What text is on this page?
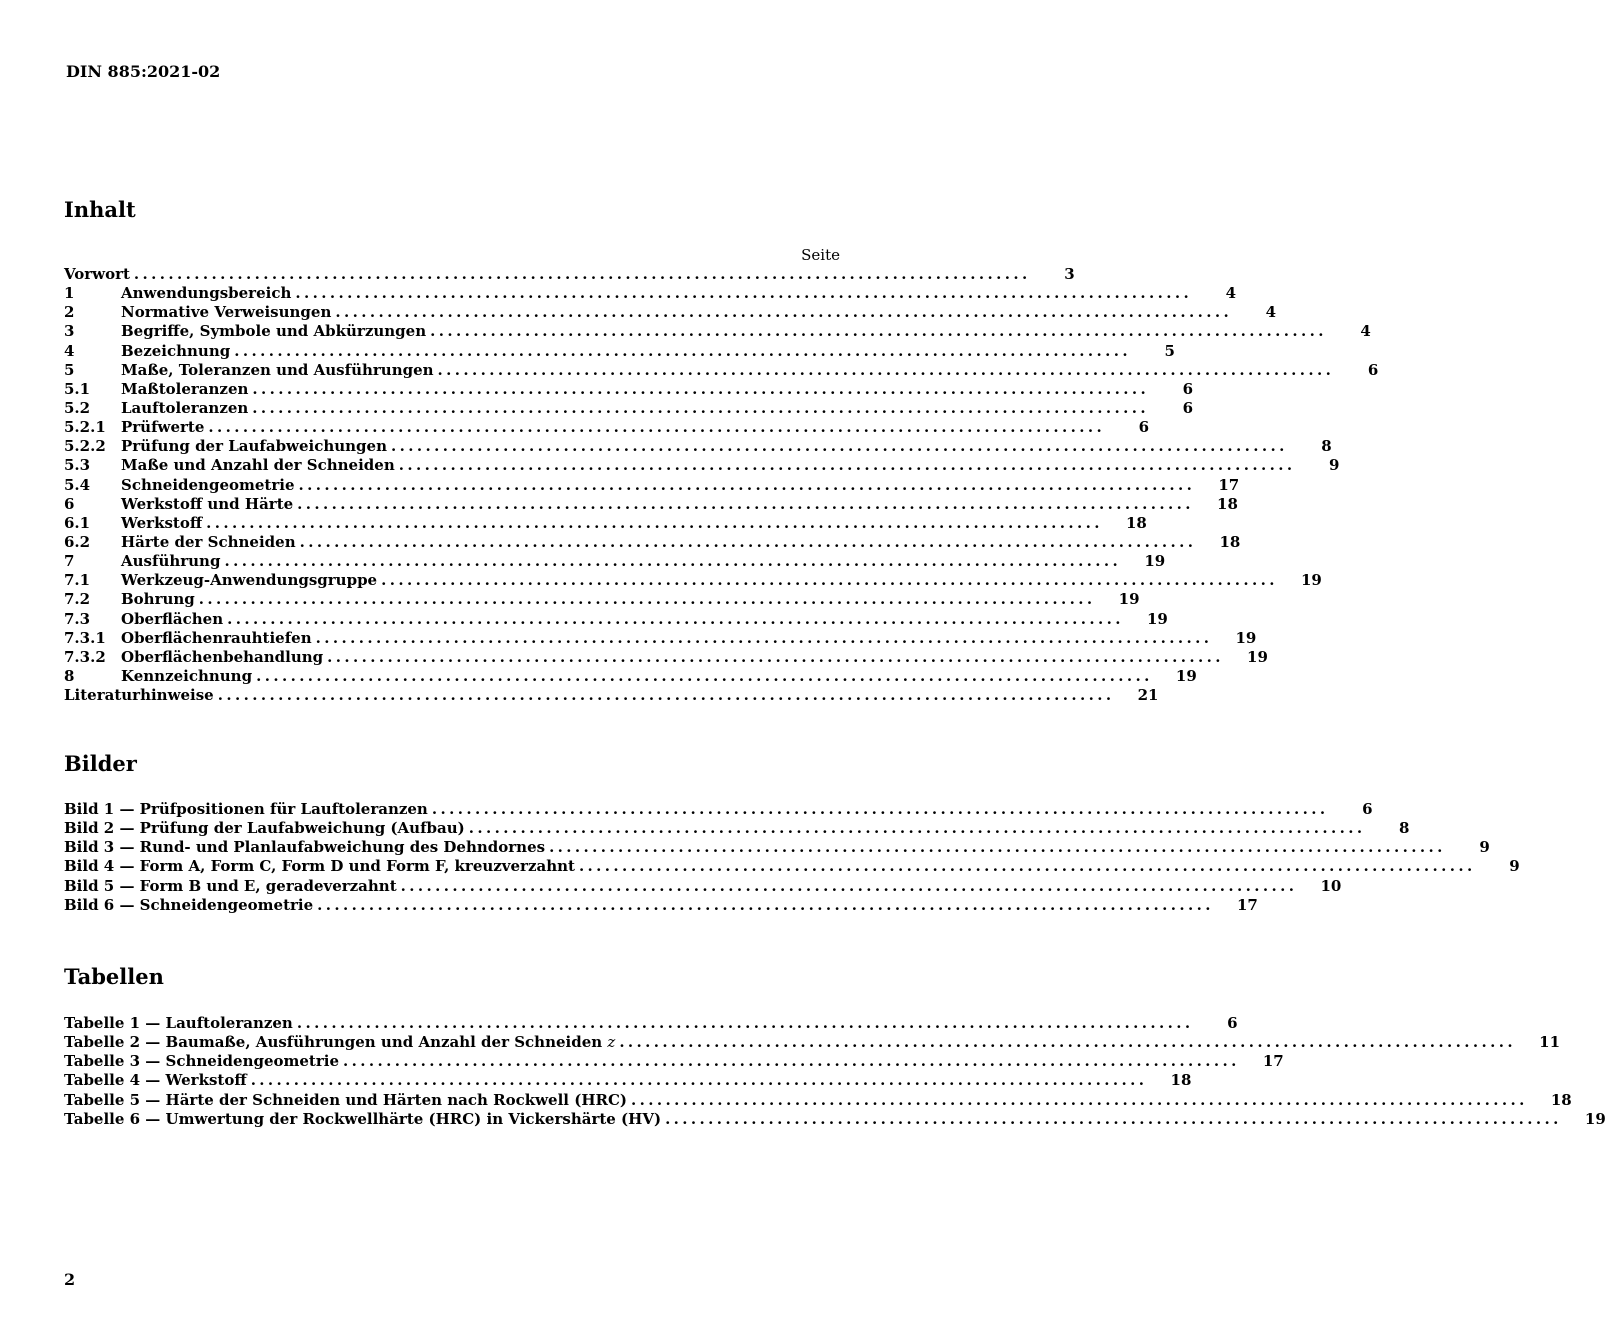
DIN 885:2021-02
Inhalt
Seite
Vorwort ........................................................................................................	3
1	Anwendungsbereich ........................................................................................................	4
2	Normative Verweisungen ........................................................................................................	4
3	Begriffe, Symbole und Abkürzungen ........................................................................................................	4
4	Bezeichnung ........................................................................................................	5
5	Maße, Toleranzen und Ausführungen ........................................................................................................	6
5.1	Maßtoleranzen ........................................................................................................	6
5.2	Lauftoleranzen ........................................................................................................	6
5.2.1	Prüfwerte ........................................................................................................	6
5.2.2	Prüfung der Laufabweichungen ........................................................................................................	8
5.3	Maße und Anzahl der Schneiden ........................................................................................................	9
5.4	Schneidengeometrie ........................................................................................................	17
6	Werkstoff und Härte ........................................................................................................	18
6.1	Werkstoff ........................................................................................................	18
6.2	Härte der Schneiden ........................................................................................................	18
7	Ausführung ........................................................................................................	19
7.1	Werkzeug-Anwendungsgruppe ........................................................................................................	19
7.2	Bohrung ........................................................................................................	19
7.3	Oberflächen ........................................................................................................	19
7.3.1	Oberflächenrauhtiefen ........................................................................................................	19
7.3.2	Oberflächenbehandlung ........................................................................................................	19
8	Kennzeichnung ........................................................................................................	19
Literaturhinweise ........................................................................................................	21
Bilder
Bild 1 — Prüfpositionen für Lauftoleranzen ........................................................................................................	6
Bild 2 — Prüfung der Laufabweichung (Aufbau) ........................................................................................................	8
Bild 3 — Rund- und Planlaufabweichung des Dehndornes ........................................................................................................	9
Bild 4 — Form A, Form C, Form D und Form F, kreuzverzahnt ........................................................................................................	9
Bild 5 — Form B und E, geradeverzahnt ........................................................................................................	10
Bild 6 — Schneidengeometrie ........................................................................................................	17
Tabellen
Tabelle 1 — Lauftoleranzen ........................................................................................................	6
Tabelle 2 — Baumaße, Ausführungen und Anzahl der Schneiden z ........................................................................................................	11
Tabelle 3 — Schneidengeometrie ........................................................................................................	17
Tabelle 4 — Werkstoff ........................................................................................................	18
Tabelle 5 — Härte der Schneiden und Härten nach Rockwell (HRC) ........................................................................................................	18
Tabelle 6 — Umwertung der Rockwellhärte (HRC) in Vickershärte (HV) ........................................................................................................	19
2
